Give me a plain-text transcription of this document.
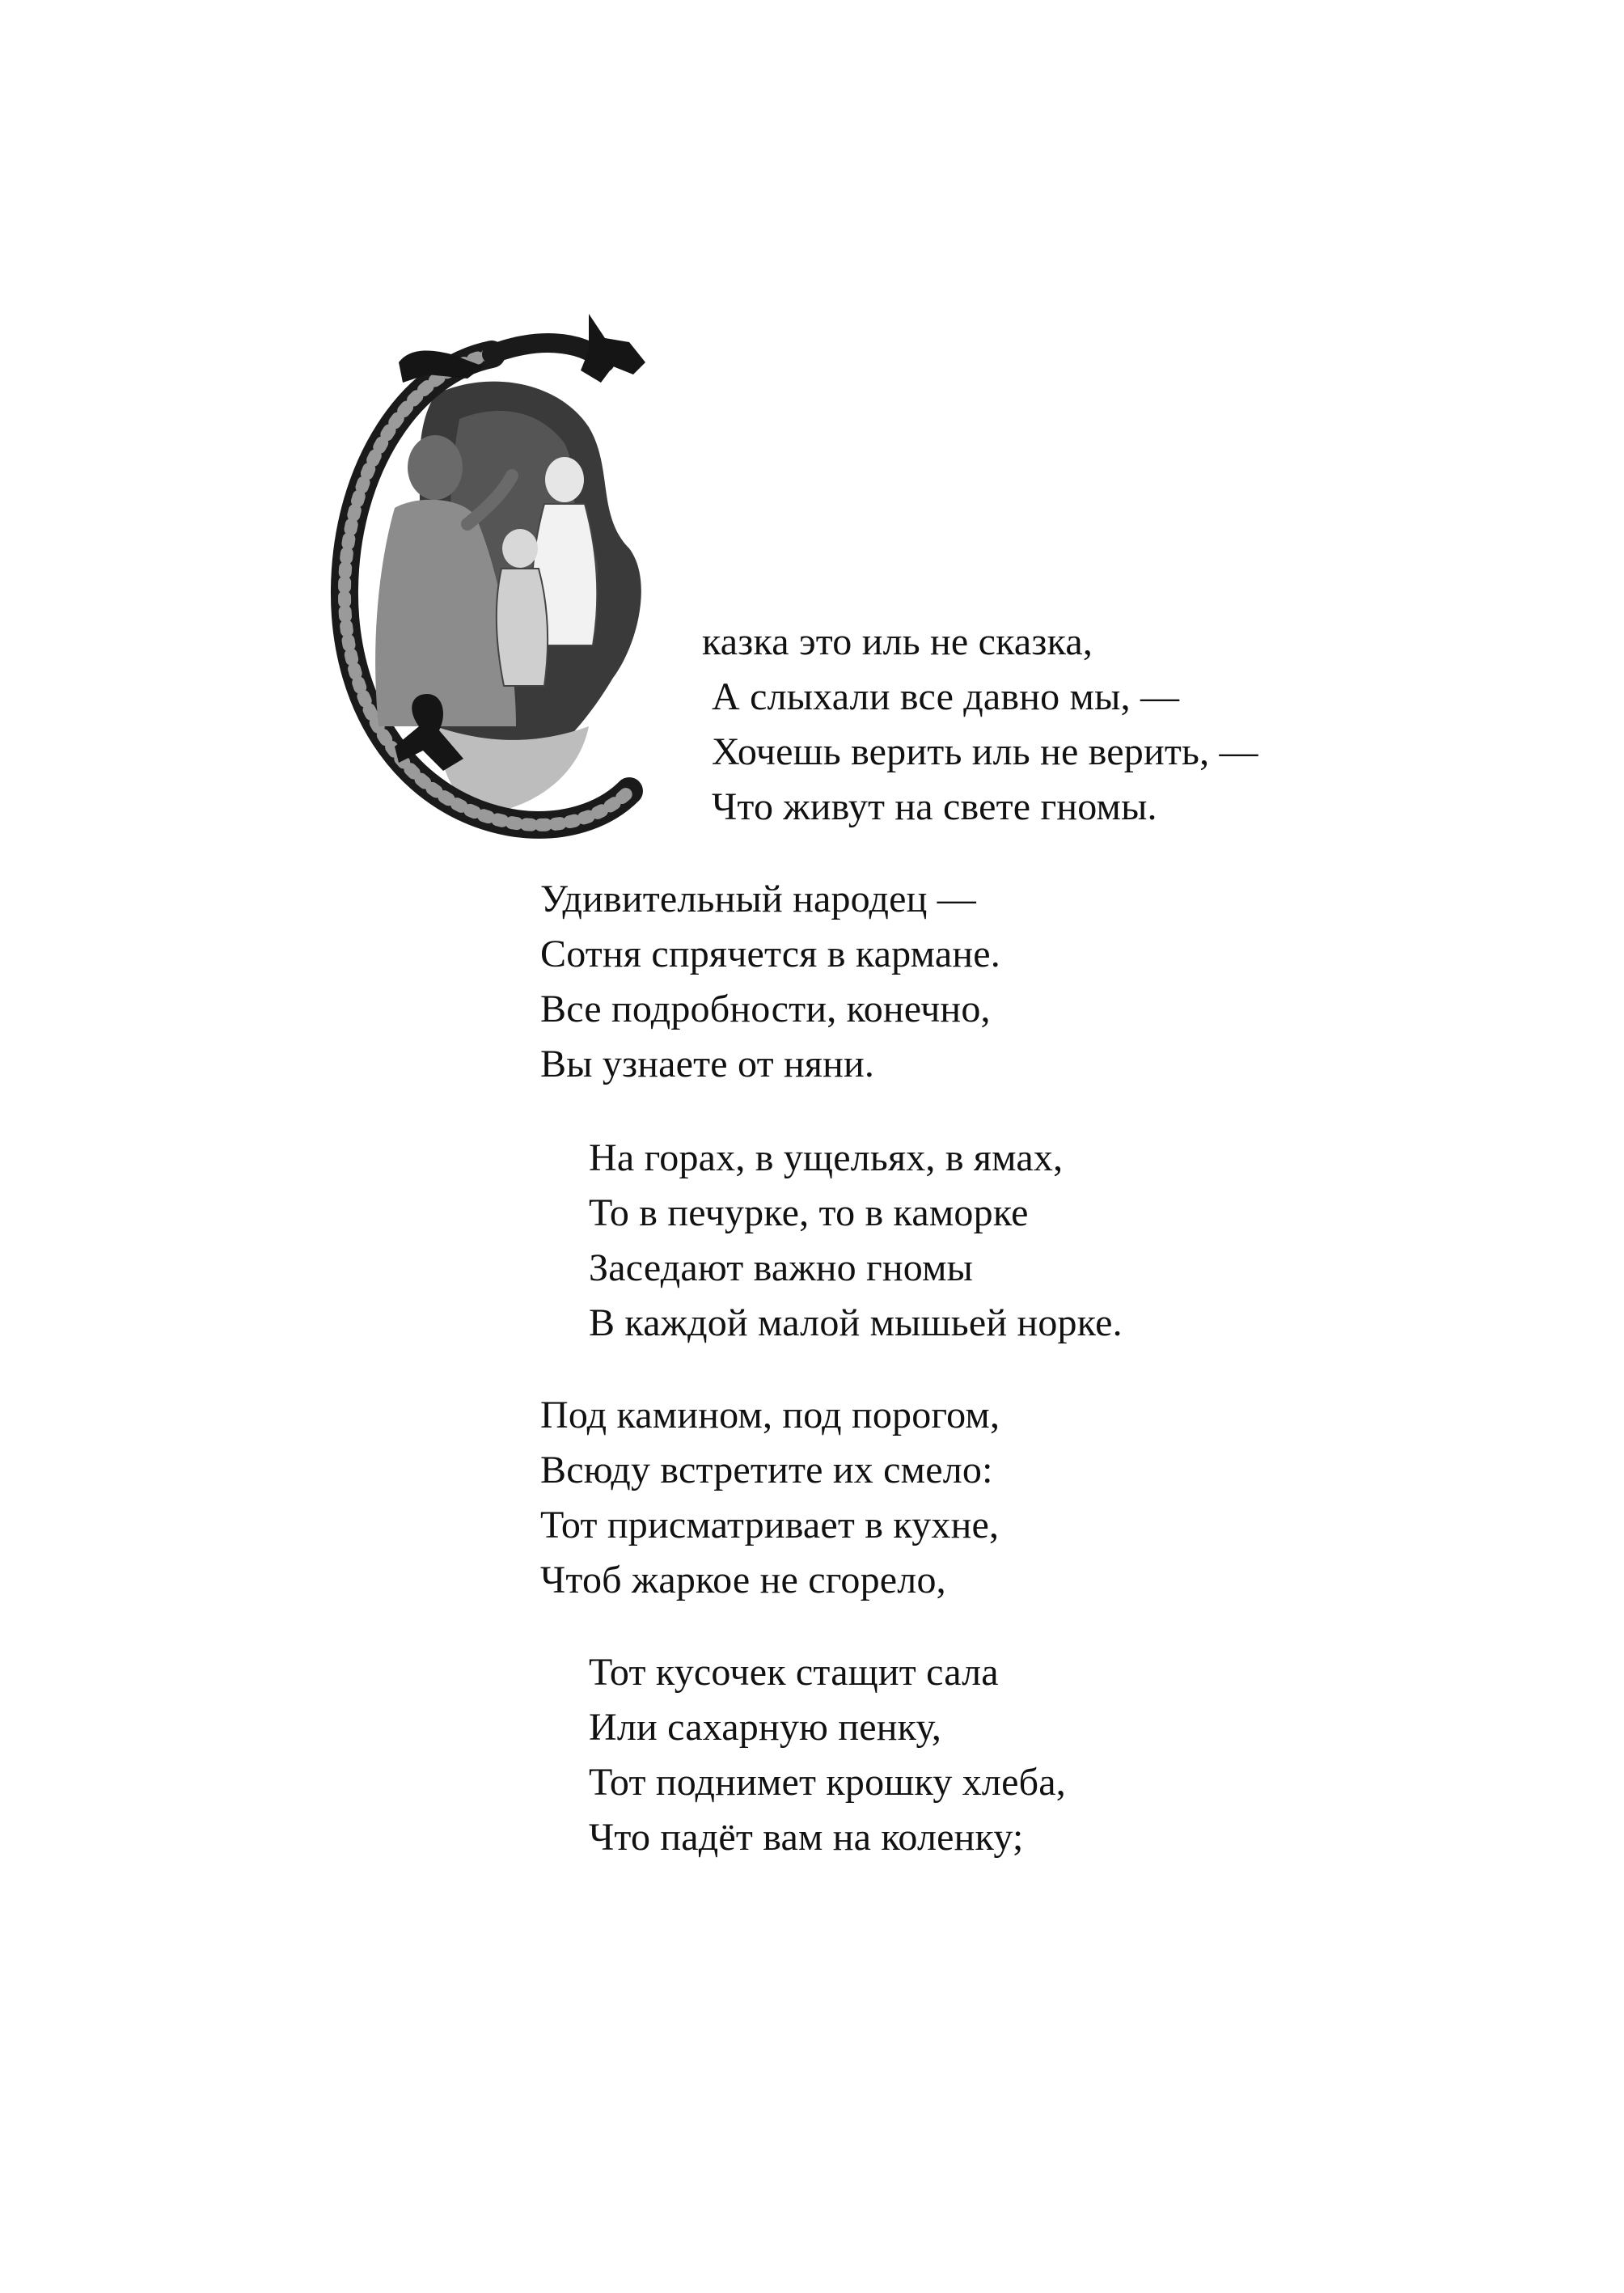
казка это иль не сказка,
А слыхали все давно мы, —
Хочешь верить иль не верить, —
Что живут на свете гномы.
Удивительный народец —
Сотня спрячется в кармане.
Все подробности, конечно,
Вы узнаете от няни.
На горах, в ущельях, в ямах,
То в печурке, то в каморке
Заседают важно гномы
В каждой малой мышьей норке.
Под камином, под порогом,
Всюду встретите их смело:
Тот присматривает в кухне,
Чтоб жаркое не сгорело,
Тот кусочек стащит сала
Или сахарную пенку,
Тот поднимет крошку хлеба,
Что падёт вам на коленку;
